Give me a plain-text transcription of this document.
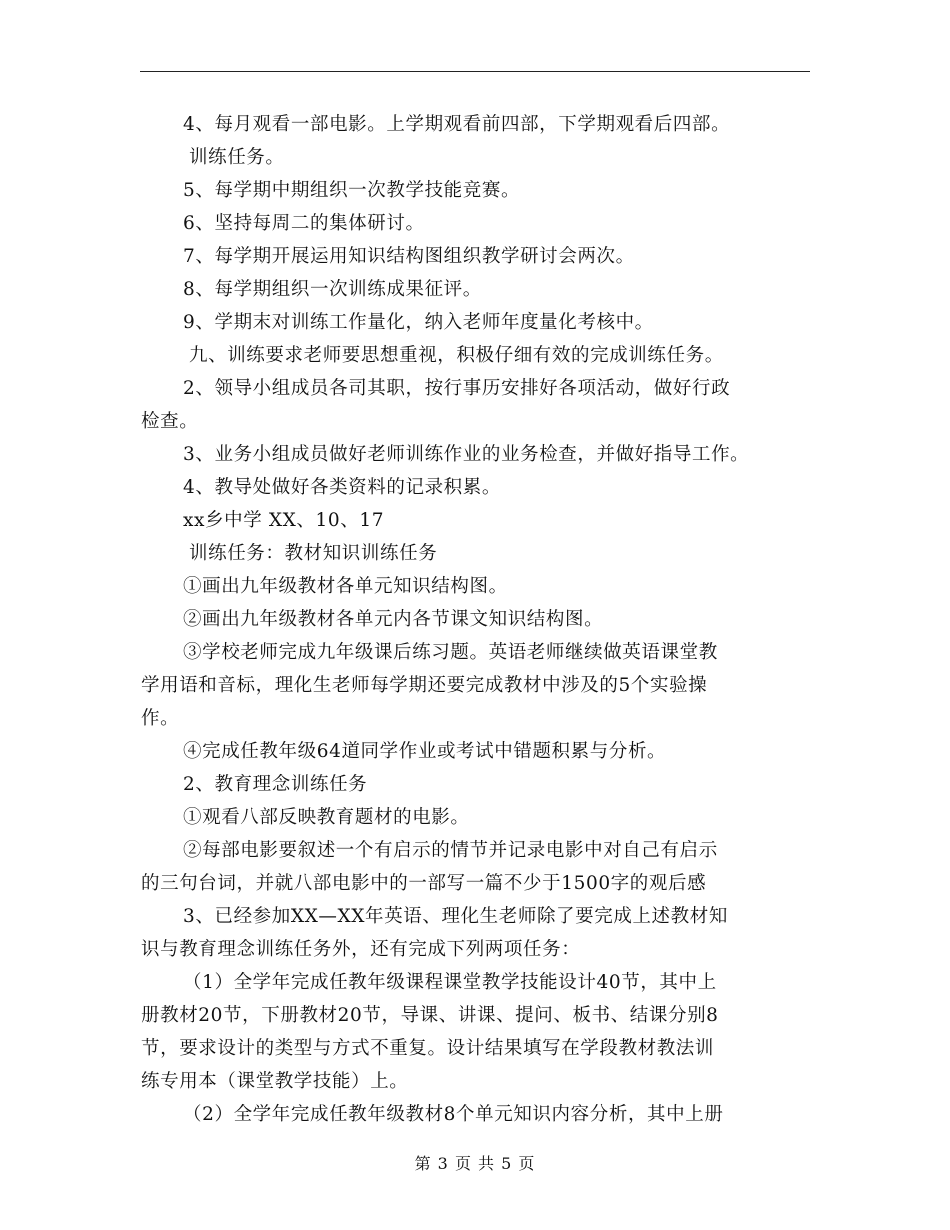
4、每月观看一部电影。上学期观看前四部，下学期观看后四部。
训练任务。
5、每学期中期组织一次教学技能竞赛。
6、坚持每周二的集体研讨。
7、每学期开展运用知识结构图组织教学研讨会两次。
8、每学期组织一次训练成果征评。
9、学期末对训练工作量化，纳入老师年度量化考核中。
九、训练要求老师要思想重视，积极仔细有效的完成训练任务。
2、领导小组成员各司其职，按行事历安排好各项活动，做好行政
检查。
3、业务小组成员做好老师训练作业的业务检查，并做好指导工作。
4、教导处做好各类资料的记录积累。
xx乡中学 XX、10、17
训练任务：教材知识训练任务
①画出九年级教材各单元知识结构图。
②画出九年级教材各单元内各节课文知识结构图。
③学校老师完成九年级课后练习题。英语老师继续做英语课堂教
学用语和音标，理化生老师每学期还要完成教材中涉及的5个实验操
作。
④完成任教年级64道同学作业或考试中错题积累与分析。
2、教育理念训练任务
①观看八部反映教育题材的电影。
②每部电影要叙述一个有启示的情节并记录电影中对自己有启示
的三句台词，并就八部电影中的一部写一篇不少于1500字的观后感
3、已经参加XX—XX年英语、理化生老师除了要完成上述教材知
识与教育理念训练任务外，还有完成下列两项任务：
（1）全学年完成任教年级课程课堂教学技能设计40节，其中上
册教材20节，下册教材20节，导课、讲课、提问、板书、结课分别8
节，要求设计的类型与方式不重复。设计结果填写在学段教材教法训
练专用本（课堂教学技能）上。
（2）全学年完成任教年级教材8个单元知识内容分析，其中上册
第 3 页 共 5 页
